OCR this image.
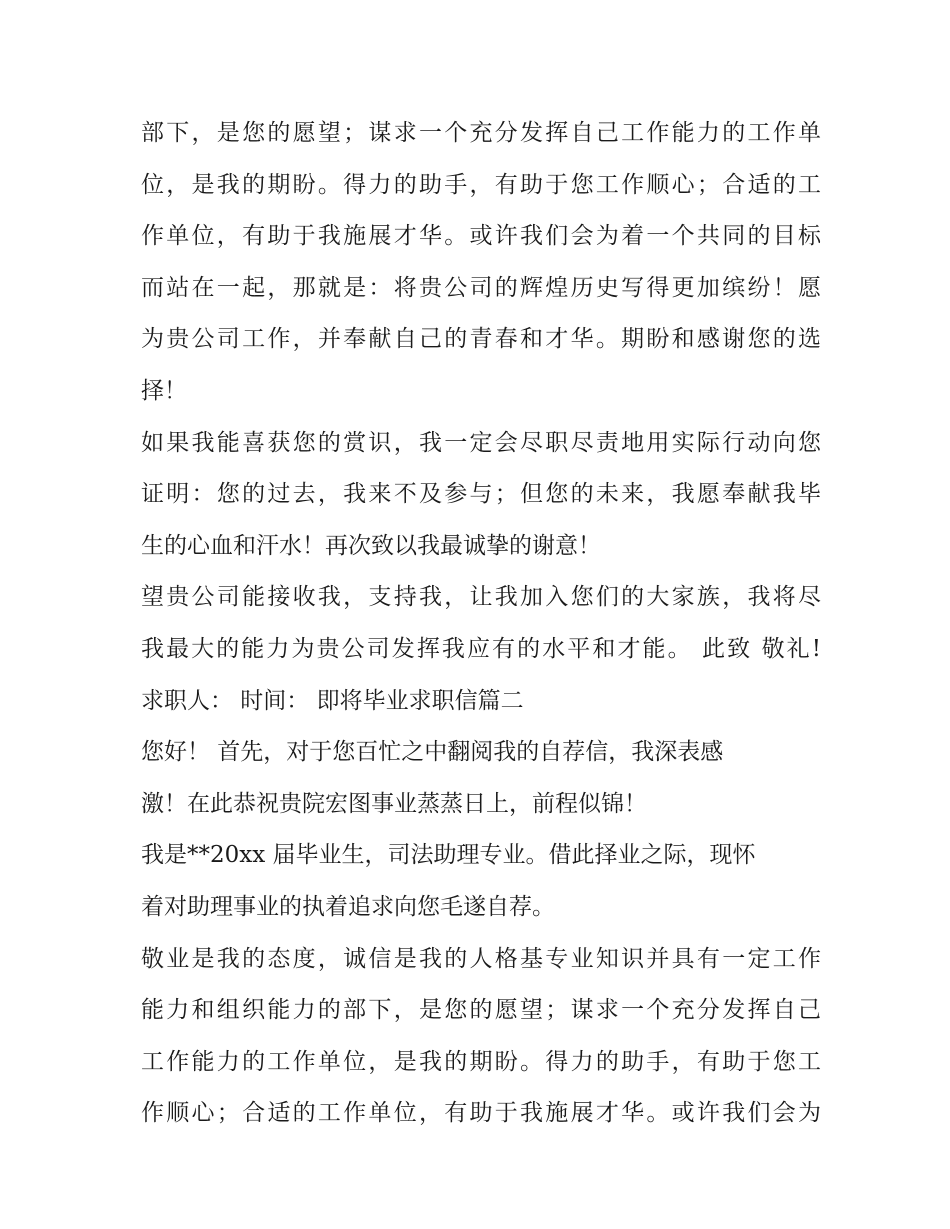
部下，是您的愿望；谋求一个充分发挥自己工作能力的工作单
位，是我的期盼。得力的助手，有助于您工作顺心；合适的工
作单位，有助于我施展才华。或许我们会为着一个共同的目标
而站在一起，那就是：将贵公司的辉煌历史写得更加缤纷！愿
为贵公司工作，并奉献自己的青春和才华。期盼和感谢您的选
择！
如果我能喜获您的赏识，我一定会尽职尽责地用实际行动向您
证明：您的过去，我来不及参与；但您的未来，我愿奉献我毕
生的心血和汗水！再次致以我最诚挚的谢意！
望贵公司能接收我，支持我，让我加入您们的大家族，我将尽
我最大的能力为贵公司发挥我应有的水平和才能。 此致 敬礼!
求职人： 时间： 即将毕业求职信篇二
您好！ 首先，对于您百忙之中翻阅我的自荐信，我深表感
激！在此恭祝贵院宏图事业蒸蒸日上，前程似锦！
我是**20xx 届毕业生，司法助理专业。借此择业之际，现怀
着对助理事业的执着追求向您毛遂自荐。
敬业是我的态度，诚信是我的人格基专业知识并具有一定工作
能力和组织能力的部下，是您的愿望；谋求一个充分发挥自己
工作能力的工作单位，是我的期盼。得力的助手，有助于您工
作顺心；合适的工作单位，有助于我施展才华。或许我们会为
